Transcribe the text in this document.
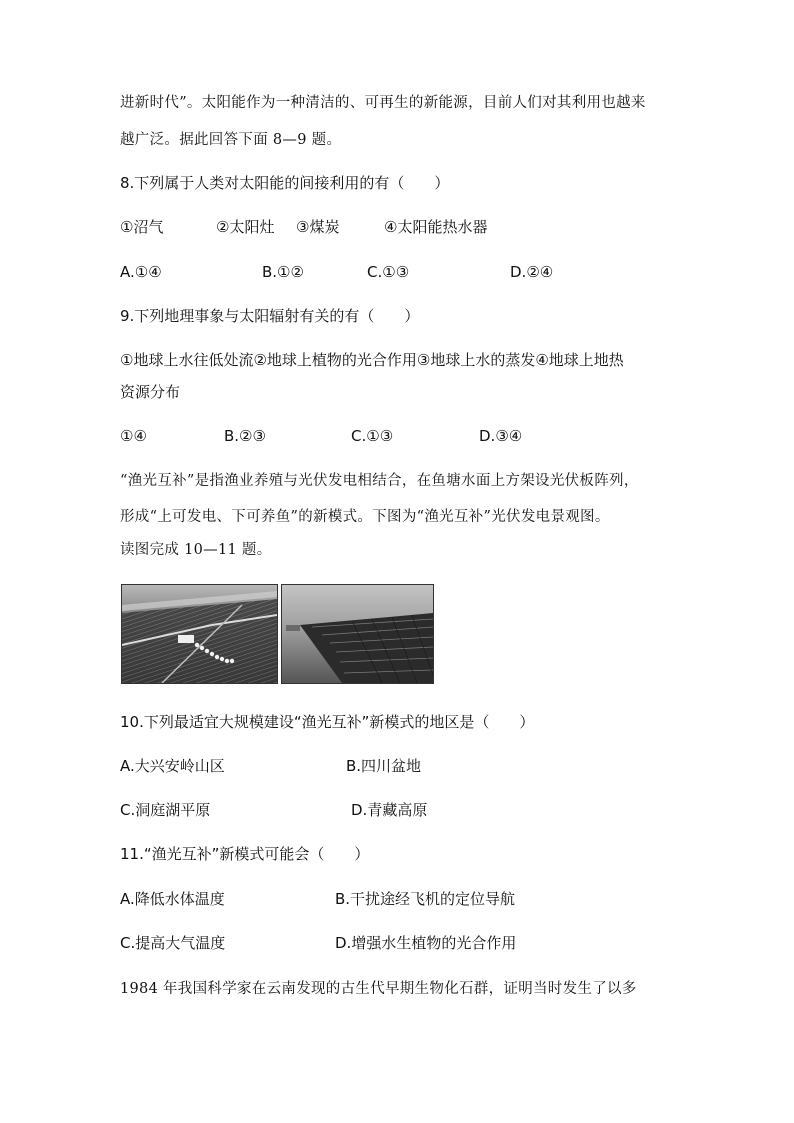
进新时代”。太阳能作为一种清洁的、可再生的新能源，目前人们对其利用也越来
越广泛。据此回答下面 8—9 题。
8.下列属于人类对太阳能的间接利用的有（　　）
①沼气	②太阳灶 ③煤炭	④太阳能热水器
A.①④	B.①②	C.①③	D.②④
9.下列地理事象与太阳辐射有关的有（　　）
①地球上水往低处流②地球上植物的光合作用③地球上水的蒸发④地球上地热
资源分布
①④	B.②③	C.①③	D.③④
“渔光互补”是指渔业养殖与光伏发电相结合，在鱼塘水面上方架设光伏板阵列，
形成“上可发电、下可养鱼”的新模式。下图为“渔光互补”光伏发电景观图。
读图完成 10—11 题。
10.下列最适宜大规模建设“渔光互补”新模式的地区是（　　）
A.大兴安岭山区	B.四川盆地
C.洞庭湖平原	D.青藏高原
11.“渔光互补”新模式可能会（　　）
A.降低水体温度	B.干扰途经飞机的定位导航
C.提高大气温度	D.增强水生植物的光合作用
1984 年我国科学家在云南发现的古生代早期生物化石群，证明当时发生了以多
